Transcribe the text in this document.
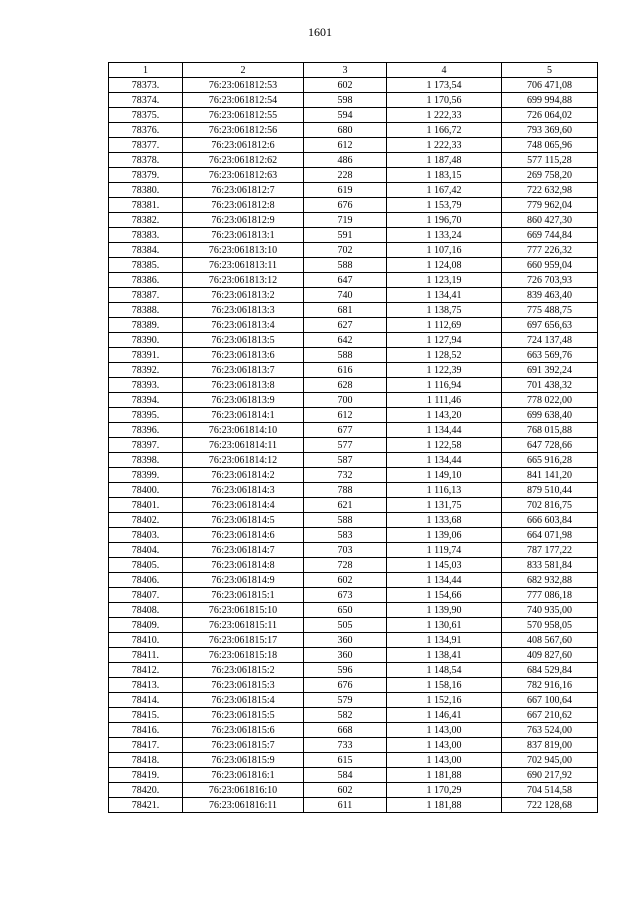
1601
1	2	3	4	5
78373.	76:23:061812:53	602	1 173,54	706 471,08
78374.	76:23:061812:54	598	1 170,56	699 994,88
78375.	76:23:061812:55	594	1 222,33	726 064,02
78376.	76:23:061812:56	680	1 166,72	793 369,60
78377.	76:23:061812:6	612	1 222,33	748 065,96
78378.	76:23:061812:62	486	1 187,48	577 115,28
78379.	76:23:061812:63	228	1 183,15	269 758,20
78380.	76:23:061812:7	619	1 167,42	722 632,98
78381.	76:23:061812:8	676	1 153,79	779 962,04
78382.	76:23:061812:9	719	1 196,70	860 427,30
78383.	76:23:061813:1	591	1 133,24	669 744,84
78384.	76:23:061813:10	702	1 107,16	777 226,32
78385.	76:23:061813:11	588	1 124,08	660 959,04
78386.	76:23:061813:12	647	1 123,19	726 703,93
78387.	76:23:061813:2	740	1 134,41	839 463,40
78388.	76:23:061813:3	681	1 138,75	775 488,75
78389.	76:23:061813:4	627	1 112,69	697 656,63
78390.	76:23:061813:5	642	1 127,94	724 137,48
78391.	76:23:061813:6	588	1 128,52	663 569,76
78392.	76:23:061813:7	616	1 122,39	691 392,24
78393.	76:23:061813:8	628	1 116,94	701 438,32
78394.	76:23:061813:9	700	1 111,46	778 022,00
78395.	76:23:061814:1	612	1 143,20	699 638,40
78396.	76:23:061814:10	677	1 134,44	768 015,88
78397.	76:23:061814:11	577	1 122,58	647 728,66
78398.	76:23:061814:12	587	1 134,44	665 916,28
78399.	76:23:061814:2	732	1 149,10	841 141,20
78400.	76:23:061814:3	788	1 116,13	879 510,44
78401.	76:23:061814:4	621	1 131,75	702 816,75
78402.	76:23:061814:5	588	1 133,68	666 603,84
78403.	76:23:061814:6	583	1 139,06	664 071,98
78404.	76:23:061814:7	703	1 119,74	787 177,22
78405.	76:23:061814:8	728	1 145,03	833 581,84
78406.	76:23:061814:9	602	1 134,44	682 932,88
78407.	76:23:061815:1	673	1 154,66	777 086,18
78408.	76:23:061815:10	650	1 139,90	740 935,00
78409.	76:23:061815:11	505	1 130,61	570 958,05
78410.	76:23:061815:17	360	1 134,91	408 567,60
78411.	76:23:061815:18	360	1 138,41	409 827,60
78412.	76:23:061815:2	596	1 148,54	684 529,84
78413.	76:23:061815:3	676	1 158,16	782 916,16
78414.	76:23:061815:4	579	1 152,16	667 100,64
78415.	76:23:061815:5	582	1 146,41	667 210,62
78416.	76:23:061815:6	668	1 143,00	763 524,00
78417.	76:23:061815:7	733	1 143,00	837 819,00
78418.	76:23:061815:9	615	1 143,00	702 945,00
78419.	76:23:061816:1	584	1 181,88	690 217,92
78420.	76:23:061816:10	602	1 170,29	704 514,58
78421.	76:23:061816:11	611	1 181,88	722 128,68
